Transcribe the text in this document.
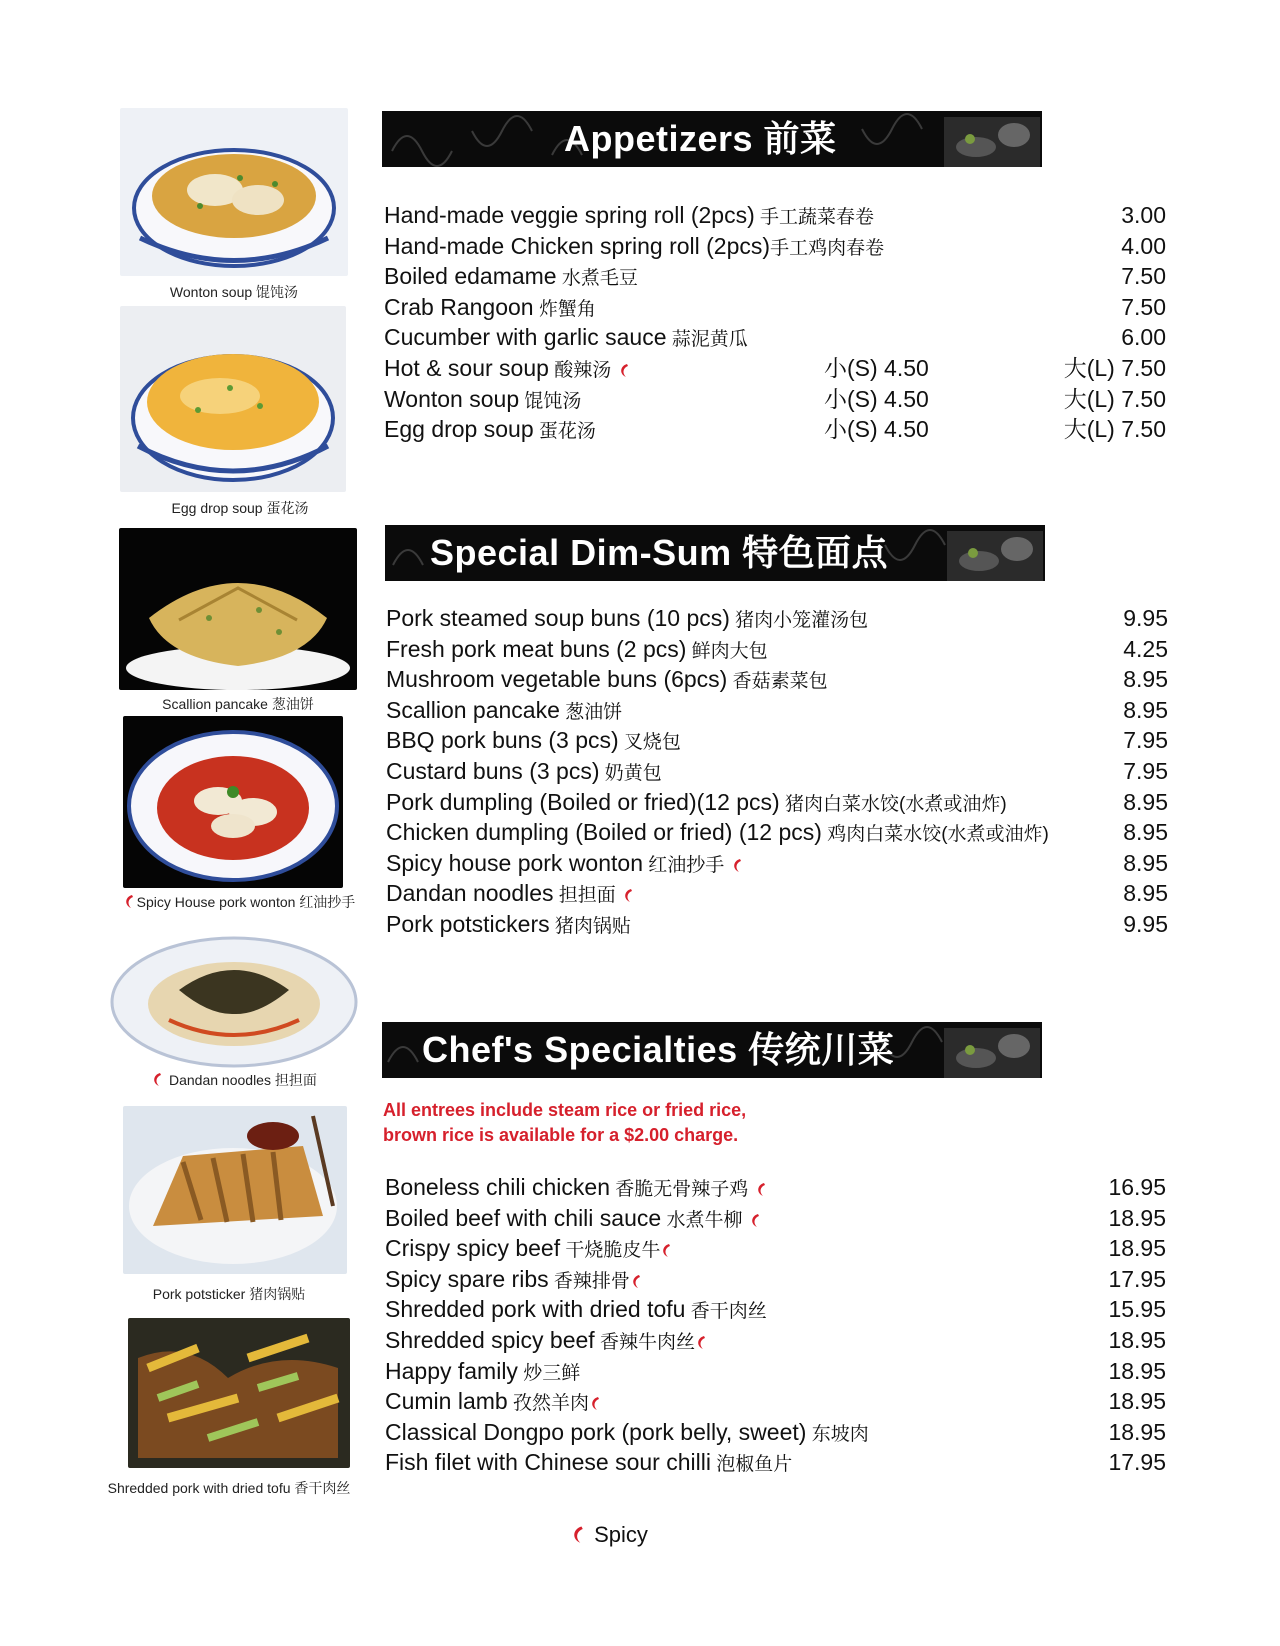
Wonton soup 馄饨汤
Egg drop soup 蛋花汤
Scallion pancake 葱油饼
Spicy House pork wonton 红油抄手
Dandan noodles 担担面
Pork potsticker 猪肉锅贴
Shredded pork with dried tofu 香干肉丝
Appetizers 前菜
Hand-made veggie spring roll (2pcs) 手工蔬菜春卷	3.00
Hand-made Chicken spring roll (2pcs)手工鸡肉春卷	4.00
Boiled edamame 水煮毛豆	7.50
Crab Rangoon 炸蟹角	7.50
Cucumber with garlic sauce 蒜泥黄瓜	6.00
Hot & sour soup 酸辣汤	小(S) 4.50	大(L) 7.50
Wonton soup 馄饨汤	小(S) 4.50	大(L) 7.50
Egg drop soup 蛋花汤	小(S) 4.50	大(L) 7.50
Special Dim-Sum 特色面点
Pork steamed soup buns (10 pcs) 猪肉小笼灌汤包	9.95
Fresh pork meat buns (2 pcs) 鲜肉大包	4.25
Mushroom vegetable buns (6pcs) 香菇素菜包	8.95
Scallion pancake 葱油饼	8.95
BBQ pork buns (3 pcs) 叉烧包	7.95
Custard buns (3 pcs) 奶黄包	7.95
Pork dumpling (Boiled or fried)(12 pcs) 猪肉白菜水饺(水煮或油炸)	8.95
Chicken dumpling (Boiled or fried) (12 pcs) 鸡肉白菜水饺(水煮或油炸)	8.95
Spicy house pork wonton 红油抄手	8.95
Dandan noodles 担担面	8.95
Pork potstickers 猪肉锅贴	9.95
Chef's Specialties 传统川菜
All entrees include steam rice or fried rice,
brown rice is available for a $2.00 charge.
Boneless chili chicken 香脆无骨辣子鸡	16.95
Boiled beef with chili sauce 水煮牛柳	18.95
Crispy spicy beef 干烧脆皮牛	18.95
Spicy spare ribs 香辣排骨	17.95
Shredded pork with dried tofu 香干肉丝	15.95
Shredded spicy beef 香辣牛肉丝	18.95
Happy family 炒三鲜	18.95
Cumin lamb 孜然羊肉	18.95
Classical Dongpo pork (pork belly, sweet) 东坡肉	18.95
Fish filet with Chinese sour chilli 泡椒鱼片	17.95
Spicy
